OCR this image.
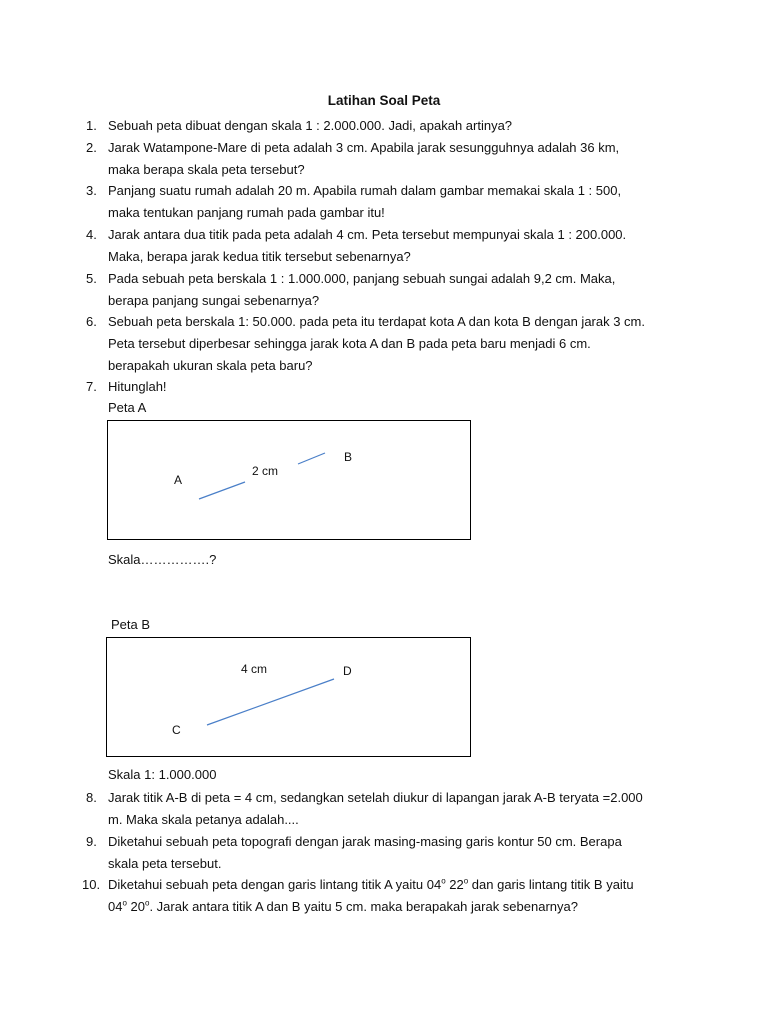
Latihan Soal Peta
1. Sebuah peta dibuat dengan skala 1 : 2.000.000. Jadi, apakah artinya?
2. Jarak Watampone-Mare di peta adalah 3 cm. Apabila jarak sesungguhnya adalah 36 km,
maka berapa skala peta tersebut?
3. Panjang suatu rumah adalah 20 m. Apabila rumah dalam gambar memakai skala 1 : 500,
maka tentukan panjang rumah pada gambar itu!
4. Jarak antara dua titik pada peta adalah 4 cm. Peta tersebut mempunyai skala 1 : 200.000.
Maka, berapa jarak kedua titik tersebut sebenarnya?
5. Pada sebuah peta berskala 1 : 1.000.000, panjang sebuah sungai adalah 9,2 cm. Maka,
berapa panjang sungai sebenarnya?
6. Sebuah peta berskala 1: 50.000. pada peta itu terdapat kota A dan kota B dengan jarak 3 cm.
Peta tersebut diperbesar sehingga jarak kota A dan B pada peta baru menjadi 6 cm.
berapakah ukuran skala peta baru?
7. Hitunglah!
Peta A
A
B
2 cm
Skala…………….?
Peta B
C
D
4 cm
Skala 1: 1.000.000
8. Jarak titik A-B di peta = 4 cm, sedangkan setelah diukur di lapangan jarak A-B teryata =2.000
m. Maka skala petanya adalah....
9. Diketahui sebuah peta topografi dengan jarak masing-masing garis kontur 50 cm. Berapa
skala peta tersebut.
10. Diketahui sebuah peta dengan garis lintang titik A yaitu 04$^o$ 22$^o$ dan garis lintang titik B yaitu
04$^o$ 20$^o$. Jarak antara titik A dan B yaitu 5 cm. maka berapakah jarak sebenarnya?
